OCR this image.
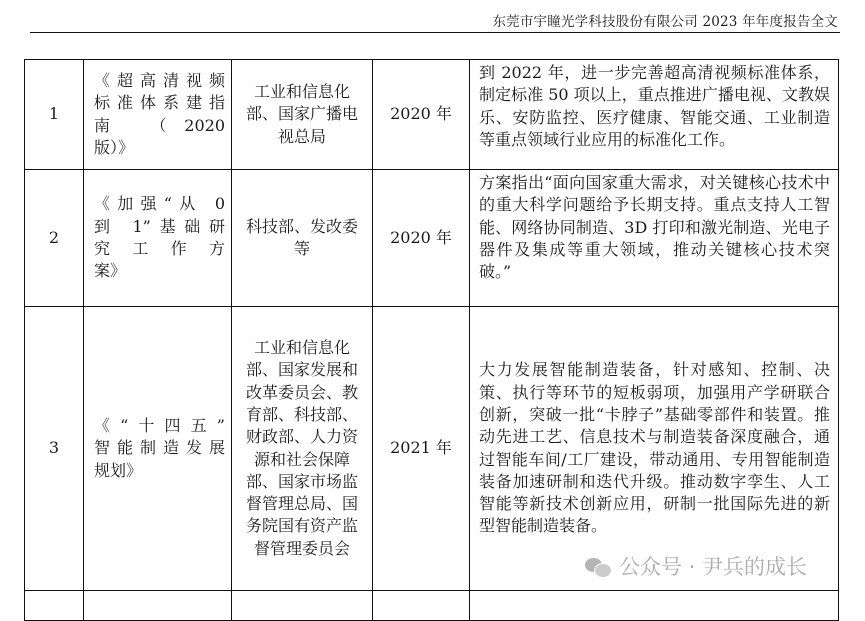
东莞市宇瞳光学科技股份有限公司 2023 年年度报告全文
1	《超高清视频
标准体系建指
南 （2020
版）》	工业和信息化部、国家广播电视总局	2020 年	到 2022 年，进一步完善超高清视频标准体系，制定标准 50 项以上，重点推进广播电视、文教娱乐、安防监控、医疗健康、智能交通、工业制造等重点领域行业应用的标准化工作。
2	《加强“从 0
到 1”基础研
究 工 作 方
案》	科技部、发改委等	2020 年	方案指出“面向国家重大需求，对关键核心技术中的重大科学问题给予长期支持。重点支持人工智能、网络协同制造、3D 打印和激光制造、光电子器件及集成等重大领域，推动关键核心技术突破。”
3	《“十四五”
智能制造发展
规划》	工业和信息化部、国家发展和改革委员会、教育部、科技部、财政部、人力资源和社会保障部、国家市场监督管理总局、国务院国有资产监督管理委员会	2021 年	大力发展智能制造装备，针对感知、控制、决策、执行等环节的短板弱项，加强用产学研联合创新，突破一批“卡脖子”基础零部件和装置。推动先进工艺、信息技术与制造装备深度融合，通过智能车间/工厂建设，带动通用、专用智能制造装备加速研制和迭代升级。推动数字孪生、人工智能等新技术创新应用，研制一批国际先进的新型智能制造装备。

公众号 · 尹兵的成长
